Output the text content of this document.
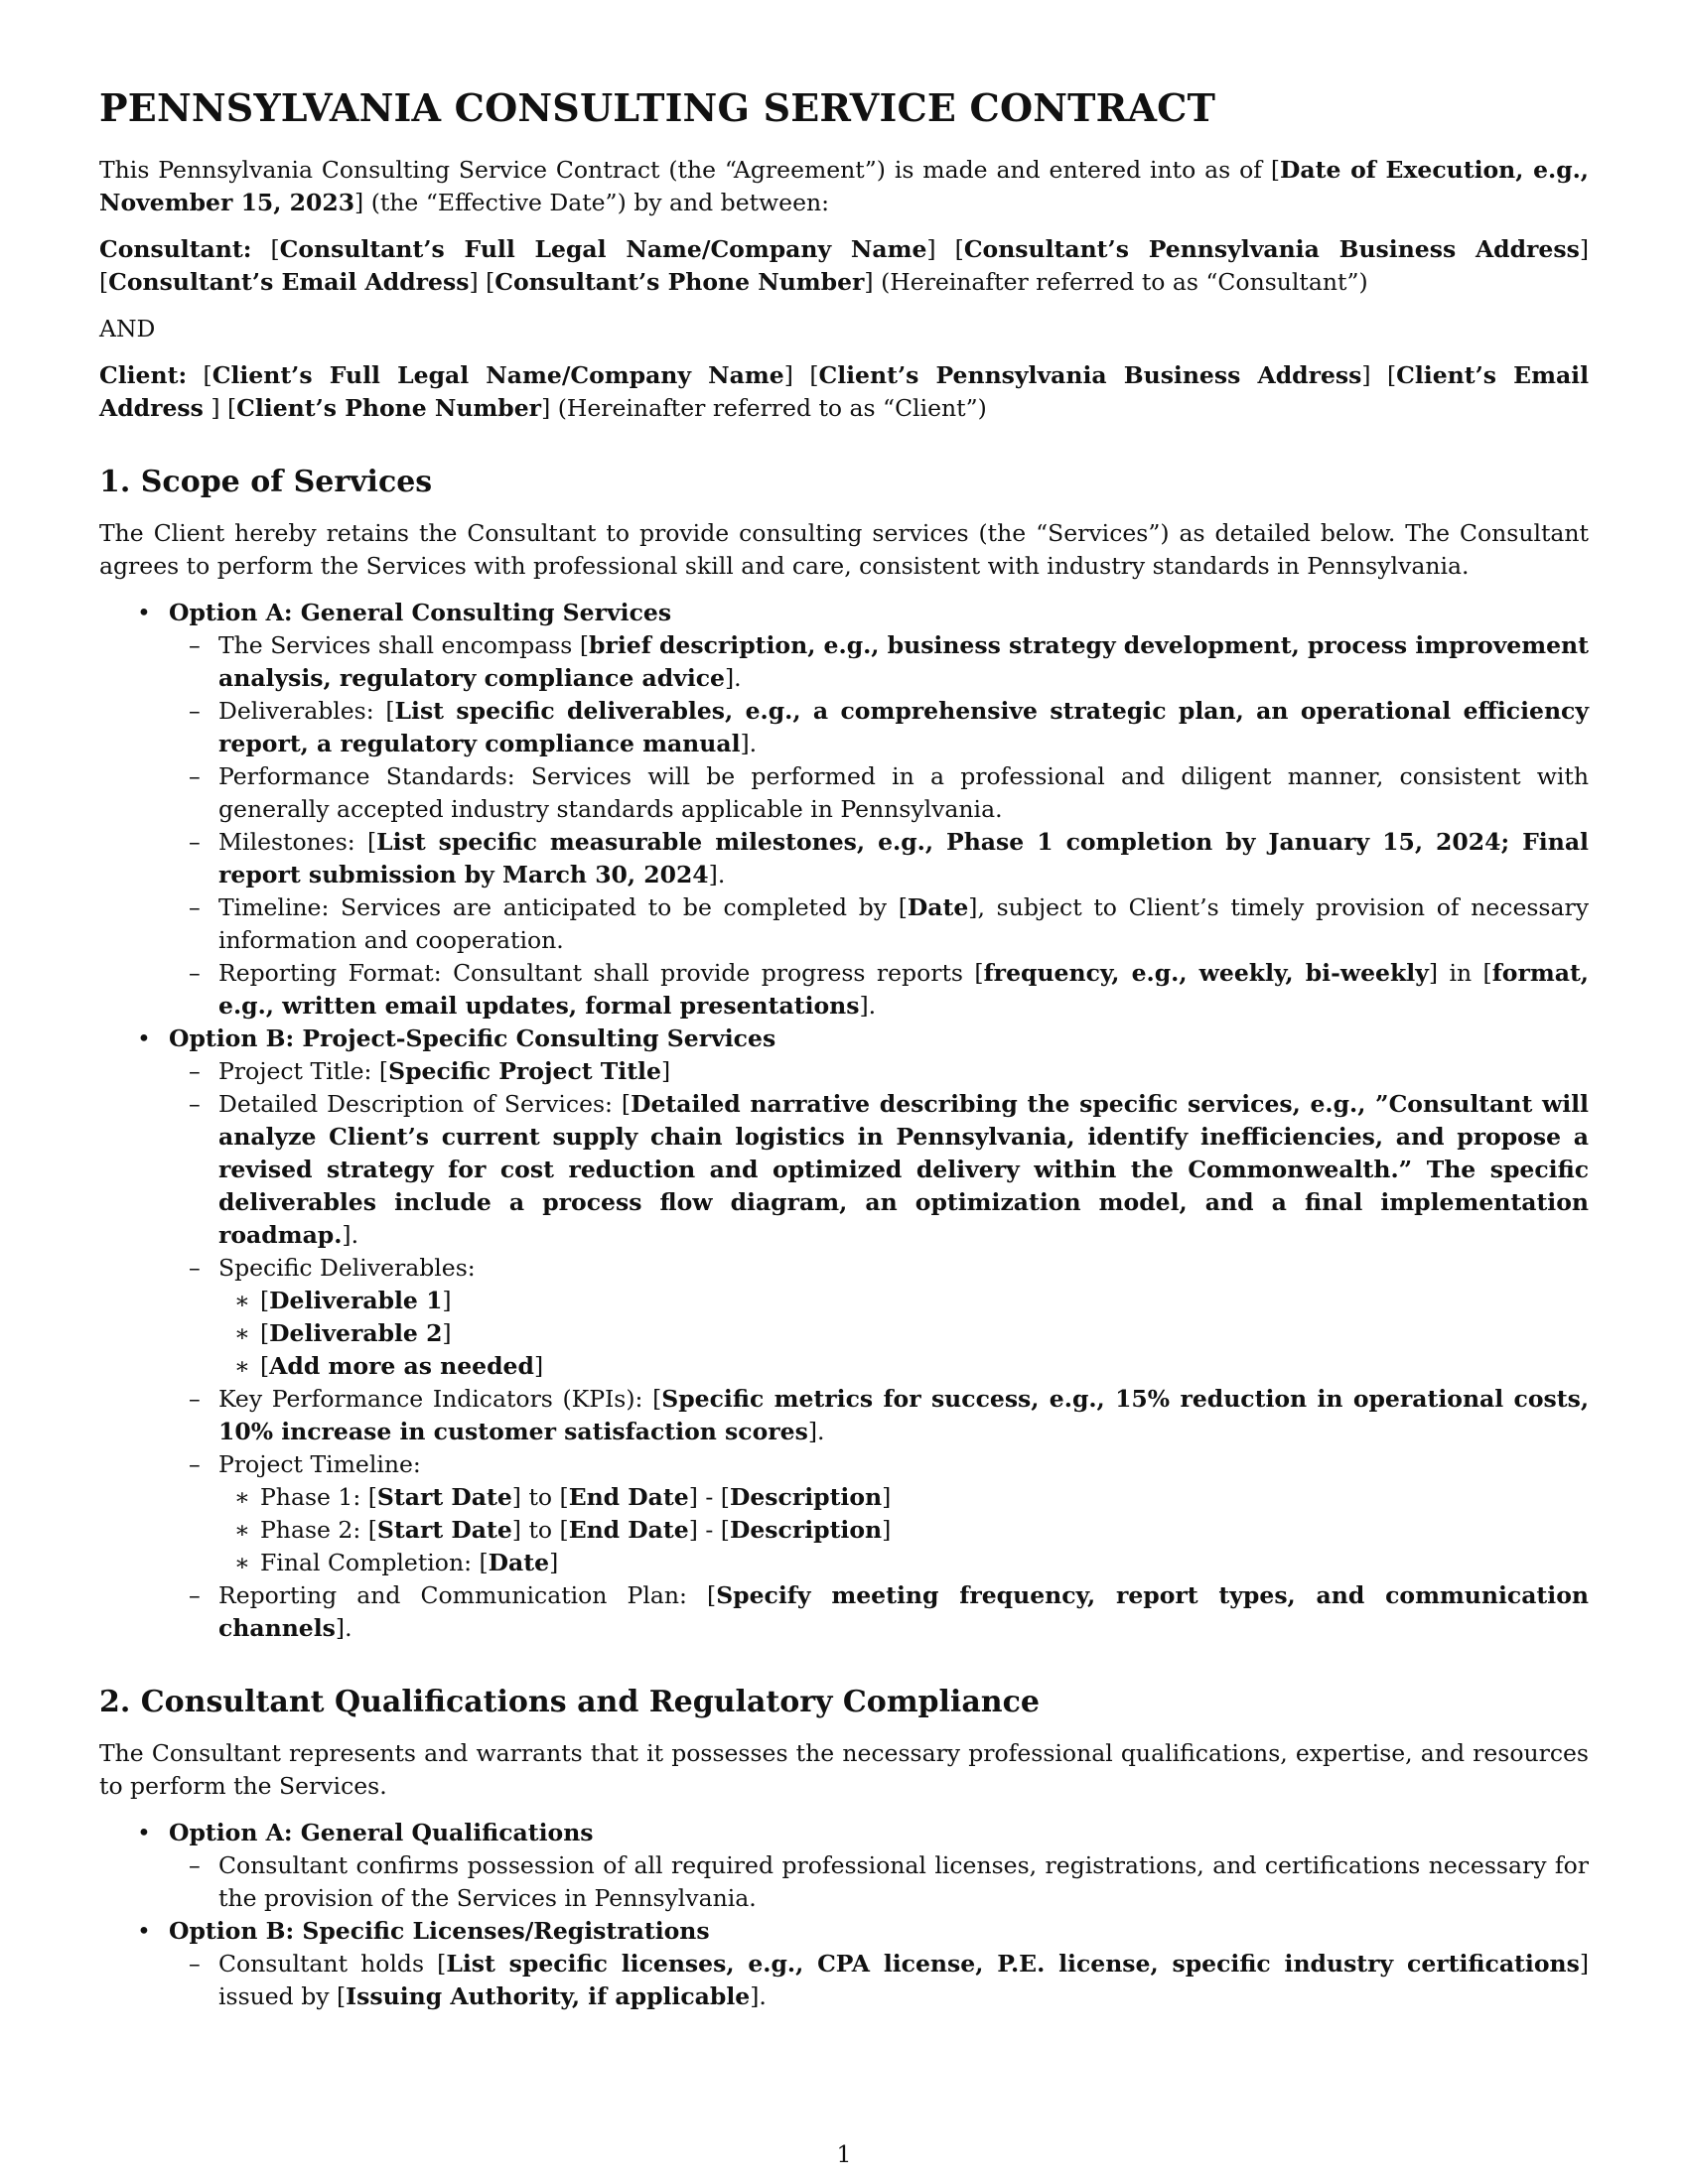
PENNSYLVANIA CONSULTING SERVICE CONTRACT

This Pennsylvania Consulting Service Contract (the “Agreement”) is made and entered into as of [Date of Execution, e.g., November 15, 2023] (the “Effective Date”) by and between:

Consultant: [Consultant’s Full Legal Name/Company Name] [Consultant’s Pennsylvania Business Address] [Consultant’s Email Address] [Consultant’s Phone Number] (Hereinafter referred to as “Consultant”)

AND

Client: [Client’s Full Legal Name/Company Name] [Client’s Pennsylvania Business Address] [Client’s Email Address ] [Client’s Phone Number] (Hereinafter referred to as “Client”)

1. Scope of Services

The Client hereby retains the Consultant to provide consulting services (the “Services”) as detailed below. The Consultant agrees to perform the Services with professional skill and care, consistent with industry standards in Pennsylvania.

• Option A: General Consulting Services
– The Services shall encompass [brief description, e.g., business strategy development, process improvement analysis, regulatory compliance advice].
– Deliverables: [List specific deliverables, e.g., a comprehensive strategic plan, an operational efficiency report, a regulatory compliance manual].
– Performance Standards: Services will be performed in a professional and diligent manner, consistent with generally accepted industry standards applicable in Pennsylvania.
– Milestones: [List specific measurable milestones, e.g., Phase 1 completion by January 15, 2024; Final report submission by March 30, 2024].
– Timeline: Services are anticipated to be completed by [Date], subject to Client’s timely provision of necessary information and cooperation.
– Reporting Format: Consultant shall provide progress reports [frequency, e.g., weekly, bi-weekly] in [format, e.g., written email updates, formal presentations].
• Option B: Project-Specific Consulting Services
– Project Title: [Specific Project Title]
– Detailed Description of Services: [Detailed narrative describing the specific services, e.g., ”Consultant will analyze Client’s current supply chain logistics in Pennsylvania, identify inefficiencies, and propose a revised strategy for cost reduction and optimized delivery within the Commonwealth.” The specific deliverables include a process flow diagram, an optimization model, and a final implementation roadmap.].
– Specific Deliverables:
∗ [Deliverable 1]
∗ [Deliverable 2]
∗ [Add more as needed]
– Key Performance Indicators (KPIs): [Specific metrics for success, e.g., 15% reduction in operational costs, 10% increase in customer satisfaction scores].
– Project Timeline:
∗ Phase 1: [Start Date] to [End Date] - [Description]
∗ Phase 2: [Start Date] to [End Date] - [Description]
∗ Final Completion: [Date]
– Reporting and Communication Plan: [Specify meeting frequency, report types, and communication channels].
2. Consultant Qualifications and Regulatory Compliance

The Consultant represents and warrants that it possesses the necessary professional qualifications, expertise, and resources to perform the Services.

• Option A: General Qualifications
– Consultant confirms possession of all required professional licenses, registrations, and certifications necessary for the provision of the Services in Pennsylvania.
• Option B: Specific Licenses/Registrations
– Consultant holds [List specific licenses, e.g., CPA license, P.E. license, specific industry certifications] issued by [Issuing Authority, if applicable].
1
